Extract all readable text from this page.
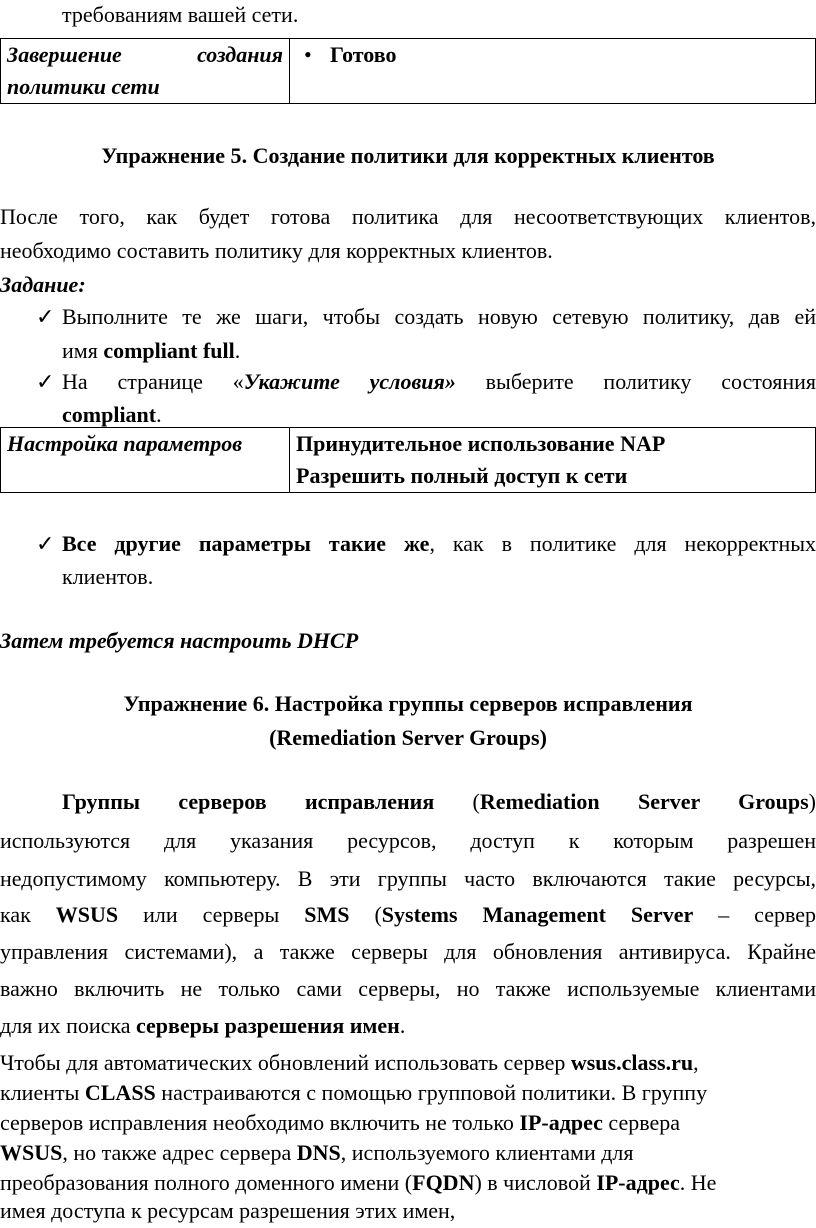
требованиям вашей сети.
Завершение создания
политики сети
	• Готово
Упражнение 5. Создание политики для корректных клиентов
После того, как будет готова политика для несоответствующих клиентов,
необходимо составить политику для корректных клиентов.
Задание:
✓ Выполните те же шаги, чтобы создать новую сетевую политику, дав ей
имя compliant full.
✓ На странице «Укажите условия» выберите политику состояния
compliant.
Настройка параметров	Принудительное использование NAP
Разрешить полный доступ к сети
✓ Все другие параметры такие же, как в политике для некорректных
клиентов.
Затем требуется настроить DHCP
Упражнение 6. Настройка группы серверов исправления
(Remediation Server Groups)
Группы серверов исправления (Remediation Server Groups)
используются для указания ресурсов, доступ к которым разрешен
недопустимому компьютеру. В эти группы часто включаются такие ресурсы,
как WSUS или серверы SMS (Systems Management Server – сервер
управления системами), а также серверы для обновления антивируса. Крайне
важно включить не только сами серверы, но также используемые клиентами
для их поиска серверы разрешения имен.
Чтобы для автоматических обновлений использовать сервер wsus.class.ru,
клиенты CLASS настраиваются с помощью групповой политики. В группу
серверов исправления необходимо включить не только IP-адрес сервера
WSUS, но также адрес сервера DNS, используемого клиентами для
преобразования полного доменного имени (FQDN) в числовой IP-адрес. Не
имея доступа к ресурсам разрешения этих имен,
